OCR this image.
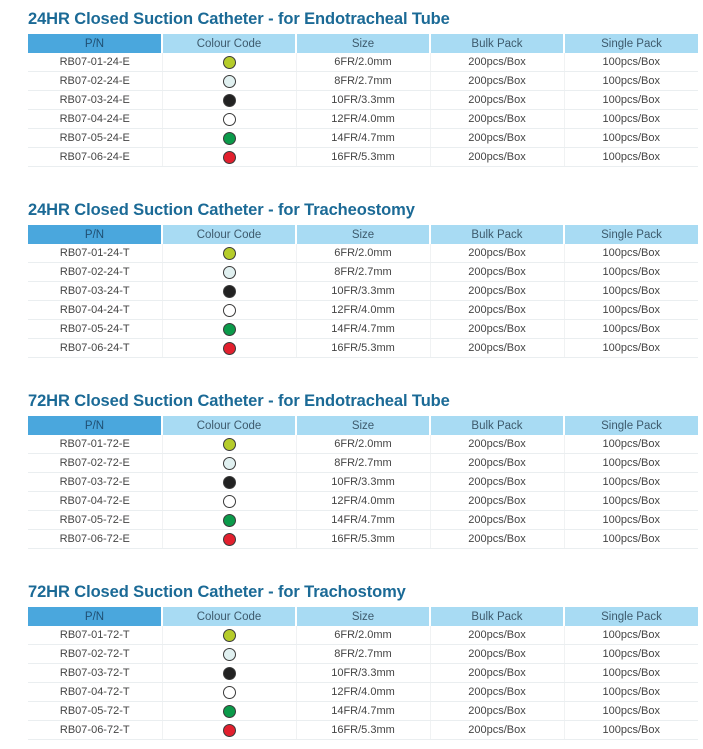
24HR Closed Suction Catheter - for Endotracheal Tube
P/N	Colour Code	Size	Bulk Pack	Single Pack
RB07-01-24-E		6FR/2.0mm	200pcs/Box	100pcs/Box
RB07-02-24-E		8FR/2.7mm	200pcs/Box	100pcs/Box
RB07-03-24-E		10FR/3.3mm	200pcs/Box	100pcs/Box
RB07-04-24-E		12FR/4.0mm	200pcs/Box	100pcs/Box
RB07-05-24-E		14FR/4.7mm	200pcs/Box	100pcs/Box
RB07-06-24-E		16FR/5.3mm	200pcs/Box	100pcs/Box
24HR Closed Suction Catheter - for Tracheostomy
P/N	Colour Code	Size	Bulk Pack	Single Pack
RB07-01-24-T		6FR/2.0mm	200pcs/Box	100pcs/Box
RB07-02-24-T		8FR/2.7mm	200pcs/Box	100pcs/Box
RB07-03-24-T		10FR/3.3mm	200pcs/Box	100pcs/Box
RB07-04-24-T		12FR/4.0mm	200pcs/Box	100pcs/Box
RB07-05-24-T		14FR/4.7mm	200pcs/Box	100pcs/Box
RB07-06-24-T		16FR/5.3mm	200pcs/Box	100pcs/Box
72HR Closed Suction Catheter - for Endotracheal Tube
P/N	Colour Code	Size	Bulk Pack	Single Pack
RB07-01-72-E		6FR/2.0mm	200pcs/Box	100pcs/Box
RB07-02-72-E		8FR/2.7mm	200pcs/Box	100pcs/Box
RB07-03-72-E		10FR/3.3mm	200pcs/Box	100pcs/Box
RB07-04-72-E		12FR/4.0mm	200pcs/Box	100pcs/Box
RB07-05-72-E		14FR/4.7mm	200pcs/Box	100pcs/Box
RB07-06-72-E		16FR/5.3mm	200pcs/Box	100pcs/Box
72HR Closed Suction Catheter - for Trachostomy
P/N	Colour Code	Size	Bulk Pack	Single Pack
RB07-01-72-T		6FR/2.0mm	200pcs/Box	100pcs/Box
RB07-02-72-T		8FR/2.7mm	200pcs/Box	100pcs/Box
RB07-03-72-T		10FR/3.3mm	200pcs/Box	100pcs/Box
RB07-04-72-T		12FR/4.0mm	200pcs/Box	100pcs/Box
RB07-05-72-T		14FR/4.7mm	200pcs/Box	100pcs/Box
RB07-06-72-T		16FR/5.3mm	200pcs/Box	100pcs/Box
